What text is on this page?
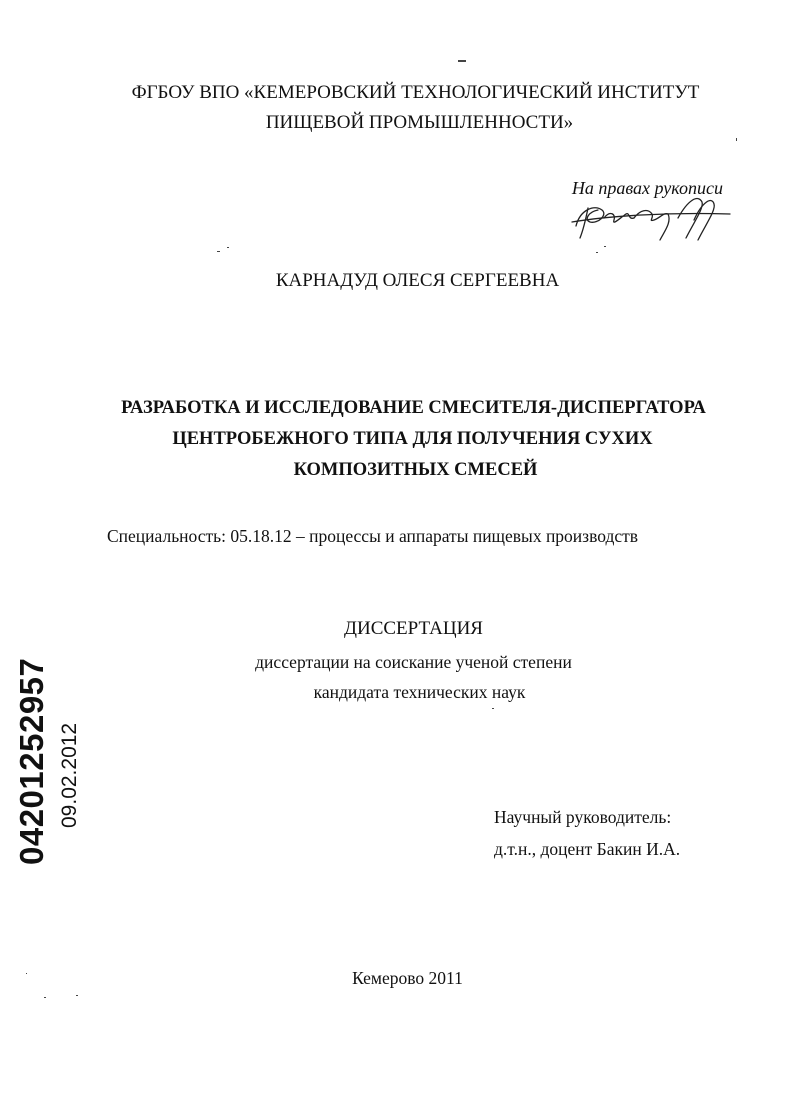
ФГБОУ ВПО «КЕМЕРОВСКИЙ ТЕХНОЛОГИЧЕСКИЙ ИНСТИТУТ
ПИЩЕВОЙ ПРОМЫШЛЕННОСТИ»
На правах рукописи
КАРНАДУД ОЛЕСЯ СЕРГЕЕВНА
РАЗРАБОТКА И ИССЛЕДОВАНИЕ СМЕСИТЕЛЯ-ДИСПЕРГАТОРА
ЦЕНТРОБЕЖНОГО ТИПА ДЛЯ ПОЛУЧЕНИЯ СУХИХ
КОМПОЗИТНЫХ СМЕСЕЙ
Специальность: 05.18.12 – процессы и аппараты пищевых производств
ДИССЕРТАЦИЯ
диссертации на соискание ученой степени
кандидата технических наук
04201252957 09.02.2012	Научный руководитель:
д.т.н., доцент Бакин И.А.
Кемерово 2011
